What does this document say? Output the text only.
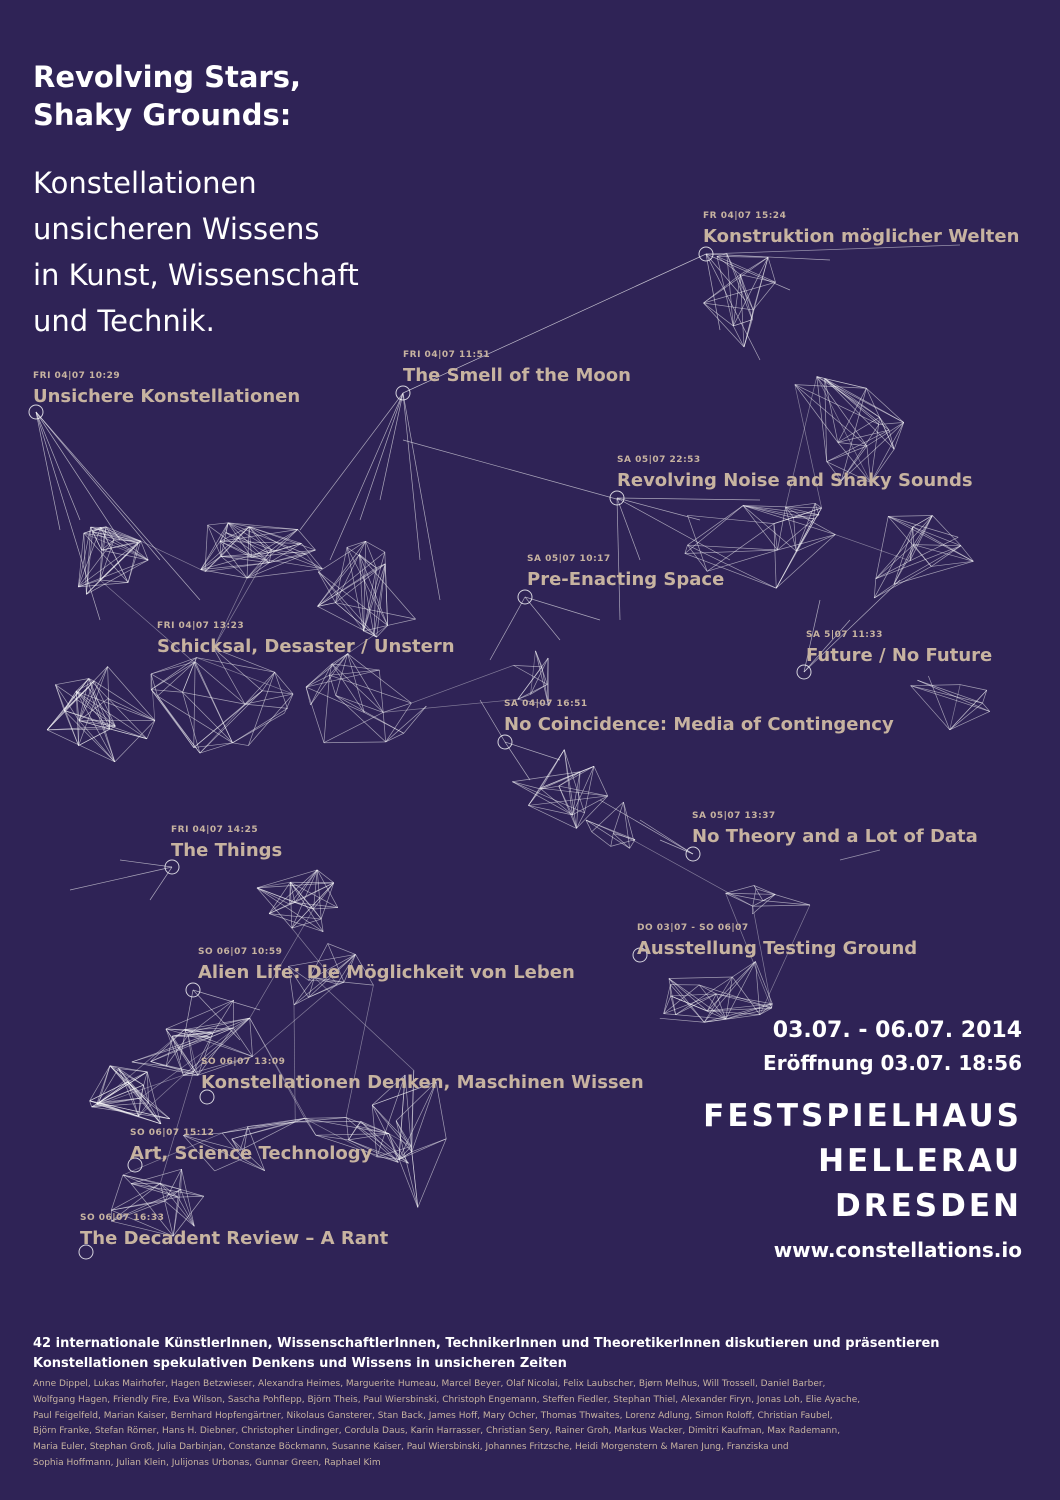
Revolving Stars,
Shaky Grounds:
Konstellationen
unsicheren Wissens
in Kunst, Wissenschaft
und Technik.
FRI 04|07 10:29
Unsichere Konstellationen
FRI 04|07 11:51
The Smell of the Moon
FR 04|07 15:24
Konstruktion möglicher Welten
SA 05|07 22:53
Revolving Noise and Shaky Sounds
SA 05|07 10:17
Pre-Enacting Space
FRI 04|07 13:23
Schicksal, Desaster / Unstern
SA 5|07 11:33
Future / No Future
SA 04|07 16:51
No Coincidence: Media of Contingency
SA 05|07 13:37
No Theory and a Lot of Data
FRI 04|07 14:25
The Things
DO 03|07 - SO 06|07
Ausstellung Testing Ground
SO 06|07 10:59
Alien Life: Die Möglichkeit von Leben
SO 06|07 13:09
Konstellationen Denken, Maschinen Wissen
SO 06|07 15:12
Art, Science Technology
SO 06|07 16:33
The Decadent Review – A Rant
03.07. - 06.07. 2014
Eröffnung 03.07. 18:56
FESTSPIELHAUS
HELLERAU
DRESDEN
www.constellations.io
42 internationale KünstlerInnen, WissenschaftlerInnen, TechnikerInnen und TheoretikerInnen diskutieren und präsentieren
Konstellationen spekulativen Denkens und Wissens in unsicheren Zeiten
Anne Dippel, Lukas Mairhofer, Hagen Betzwieser, Alexandra Heimes, Marguerite Humeau, Marcel Beyer, Olaf Nicolai, Felix Laubscher, Bjørn Melhus, Will Trossell, Daniel Barber,
Wolfgang Hagen, Friendly Fire, Eva Wilson, Sascha Pohflepp, Björn Theis, Paul Wiersbinski, Christoph Engemann, Steffen Fiedler, Stephan Thiel, Alexander Firyn, Jonas Loh, Elie Ayache,
Paul Feigelfeld, Marian Kaiser, Bernhard Hopfengärtner, Nikolaus Gansterer, Stan Back, James Hoff, Mary Ocher, Thomas Thwaites, Lorenz Adlung, Simon Roloff, Christian Faubel,
Björn Franke, Stefan Römer, Hans H. Diebner, Christopher Lindinger, Cordula Daus, Karin Harrasser, Christian Sery, Rainer Groh, Markus Wacker, Dimitri Kaufman, Max Rademann,
Maria Euler, Stephan Groß, Julia Darbinjan, Constanze Böckmann, Susanne Kaiser, Paul Wiersbinski, Johannes Fritzsche, Heidi Morgenstern & Maren Jung, Franziska und
Sophia Hoffmann, Julian Klein, Julijonas Urbonas, Gunnar Green, Raphael Kim
